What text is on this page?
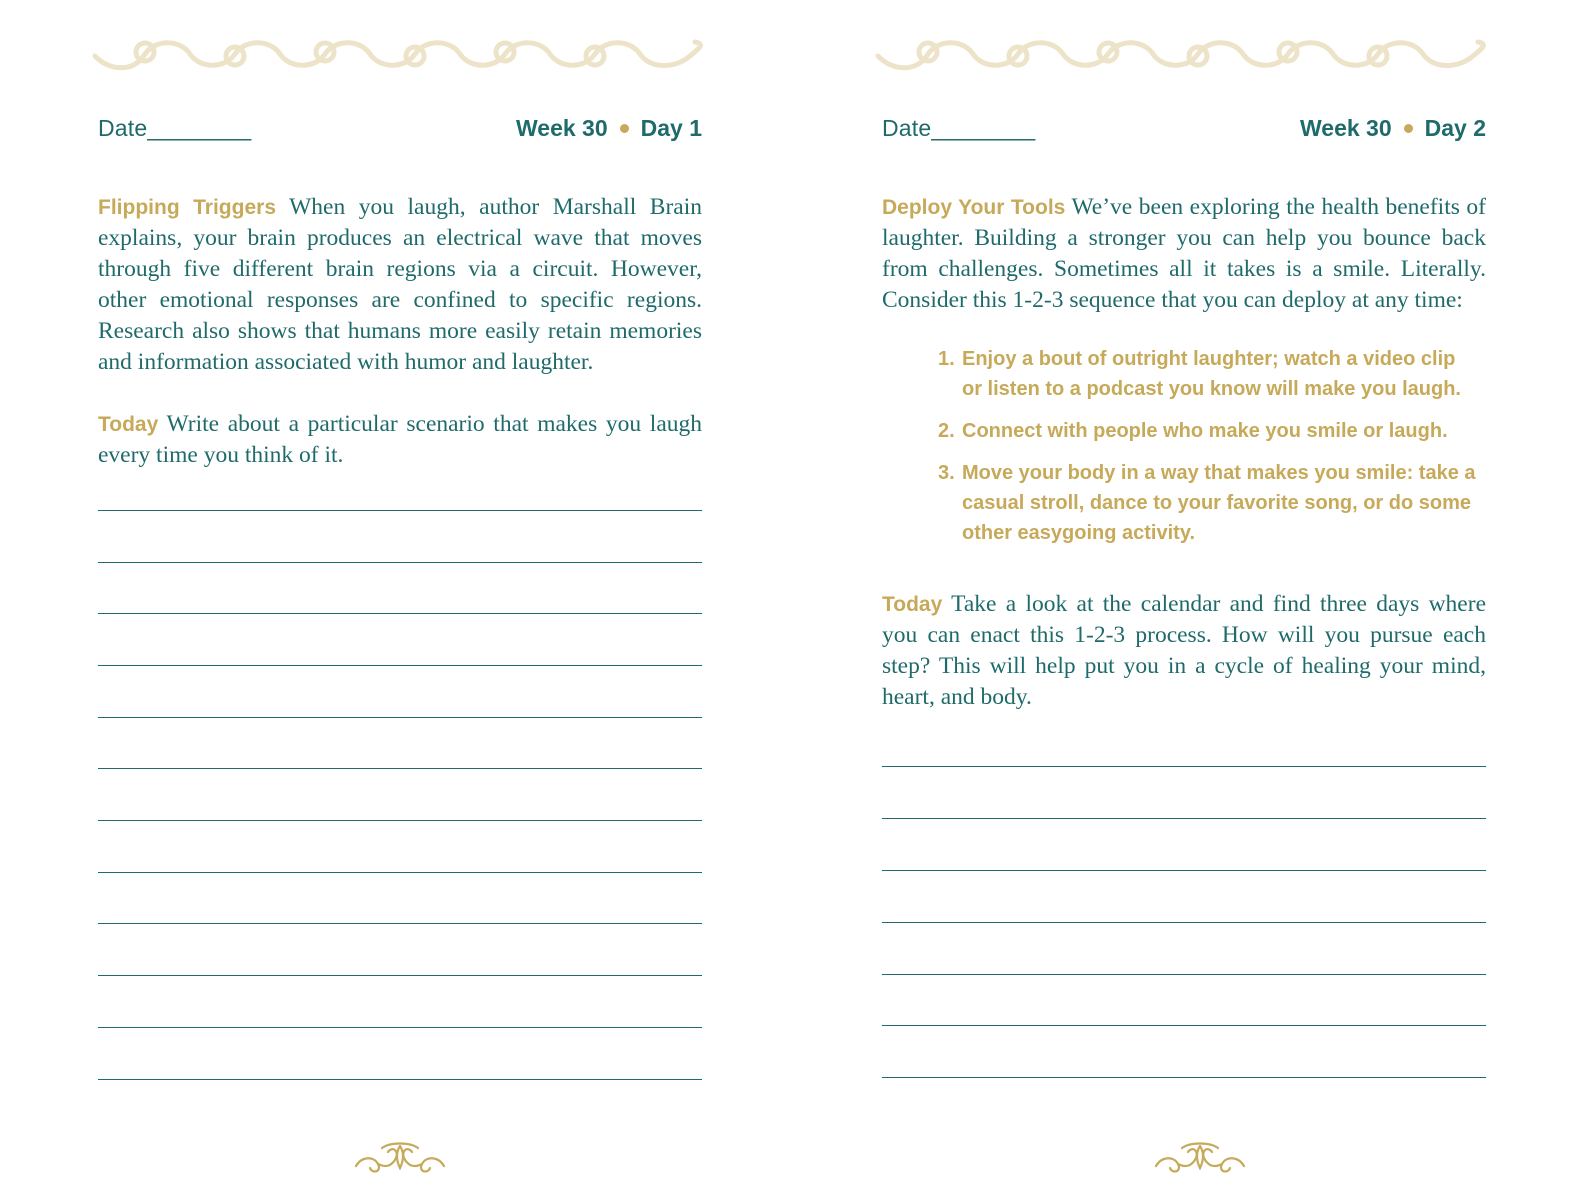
Date________	Week 30 Day 1
Flipping Triggers When you laugh, author Marshall Brain explains, your brain produces an electrical wave that moves through five different brain regions via a circuit. However, other emotional responses are confined to specific regions. Research also shows that humans more easily retain memories and information associated with humor and laughter.
Today Write about a particular scenario that makes you laugh every time you think of it.
Date________	Week 30 Day 2
Deploy Your Tools We’ve been exploring the health benefits of laughter. Building a stronger you can help you bounce back from challenges. Sometimes all it takes is a smile. Literally. Consider this 1-2-3 sequence that you can deploy at any time:
1. Enjoy a bout of outright laughter; watch a video clip or listen to a podcast you know will make you laugh.
2. Connect with people who make you smile or laugh.
3. Move your body in a way that makes you smile: take a casual stroll, dance to your favorite song, or do some other easygoing activity.
Today Take a look at the calendar and find three days where you can enact this 1-2-3 process. How will you pursue each step? This will help put you in a cycle of healing your mind, heart, and body.
